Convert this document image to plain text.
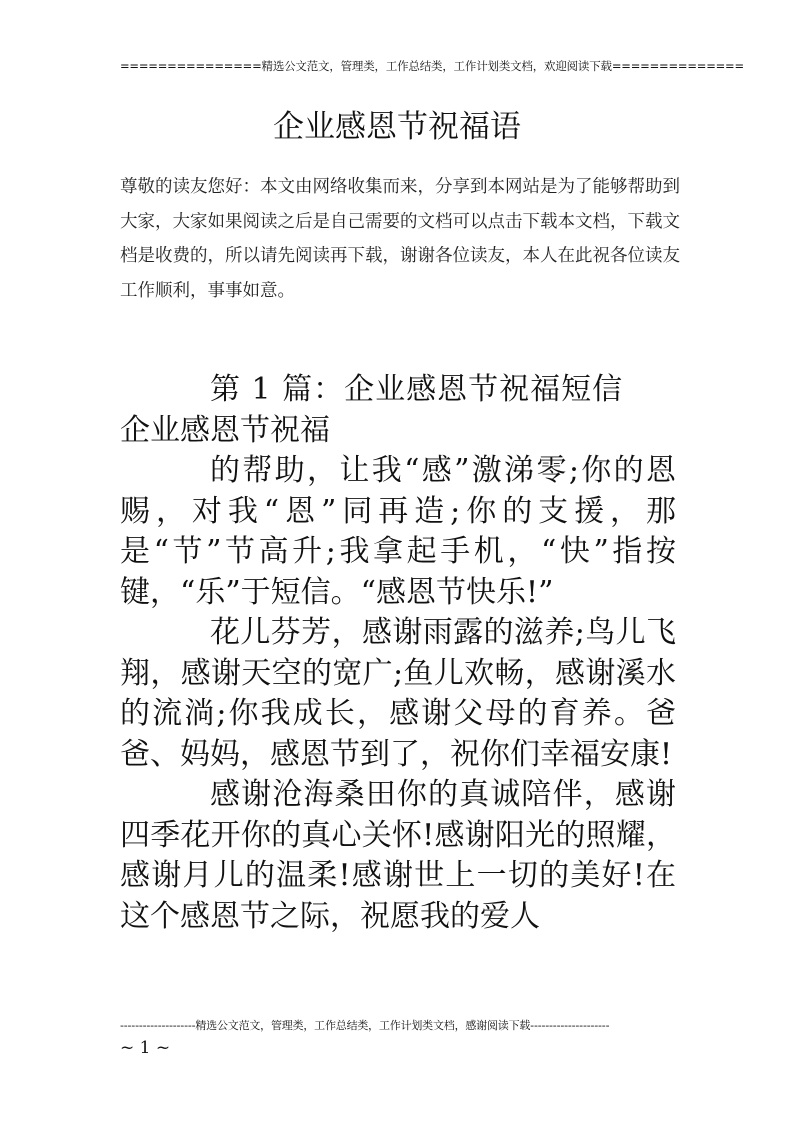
===============精选公文范文，管理类，工作总结类，工作计划类文档，欢迎阅读下载==============
企业感恩节祝福语
尊敬的读友您好：本文由网络收集而来，分享到本网站是为了能够帮助到大家，大家如果阅读之后是自己需要的文档可以点击下载本文档，下载文档是收费的，所以请先阅读再下载，谢谢各位读友，本人在此祝各位读友工作顺利，事事如意。

第 1 篇：企业感恩节祝福短信

企业感恩节祝福

的帮助，让我“感”激涕零;你的恩赐，对我“恩”同再造;你的支援，那是“节”节高升;我拿起手机，“快”指按键，“乐”于短信。“感恩节快乐!”

花儿芬芳，感谢雨露的滋养;鸟儿飞翔，感谢天空的宽广;鱼儿欢畅，感谢溪水的流淌;你我成长，感谢父母的育养。爸爸、妈妈，感恩节到了，祝你们幸福安康!

感谢沧海桑田你的真诚陪伴，感谢四季花开你的真心关怀!感谢阳光的照耀，感谢月儿的温柔!感谢世上一切的美好!在这个感恩节之际，祝愿我的爱人

--------------------精选公文范文，管理类，工作总结类，工作计划类文档，感谢阅读下载---------------------
~ 1 ~
